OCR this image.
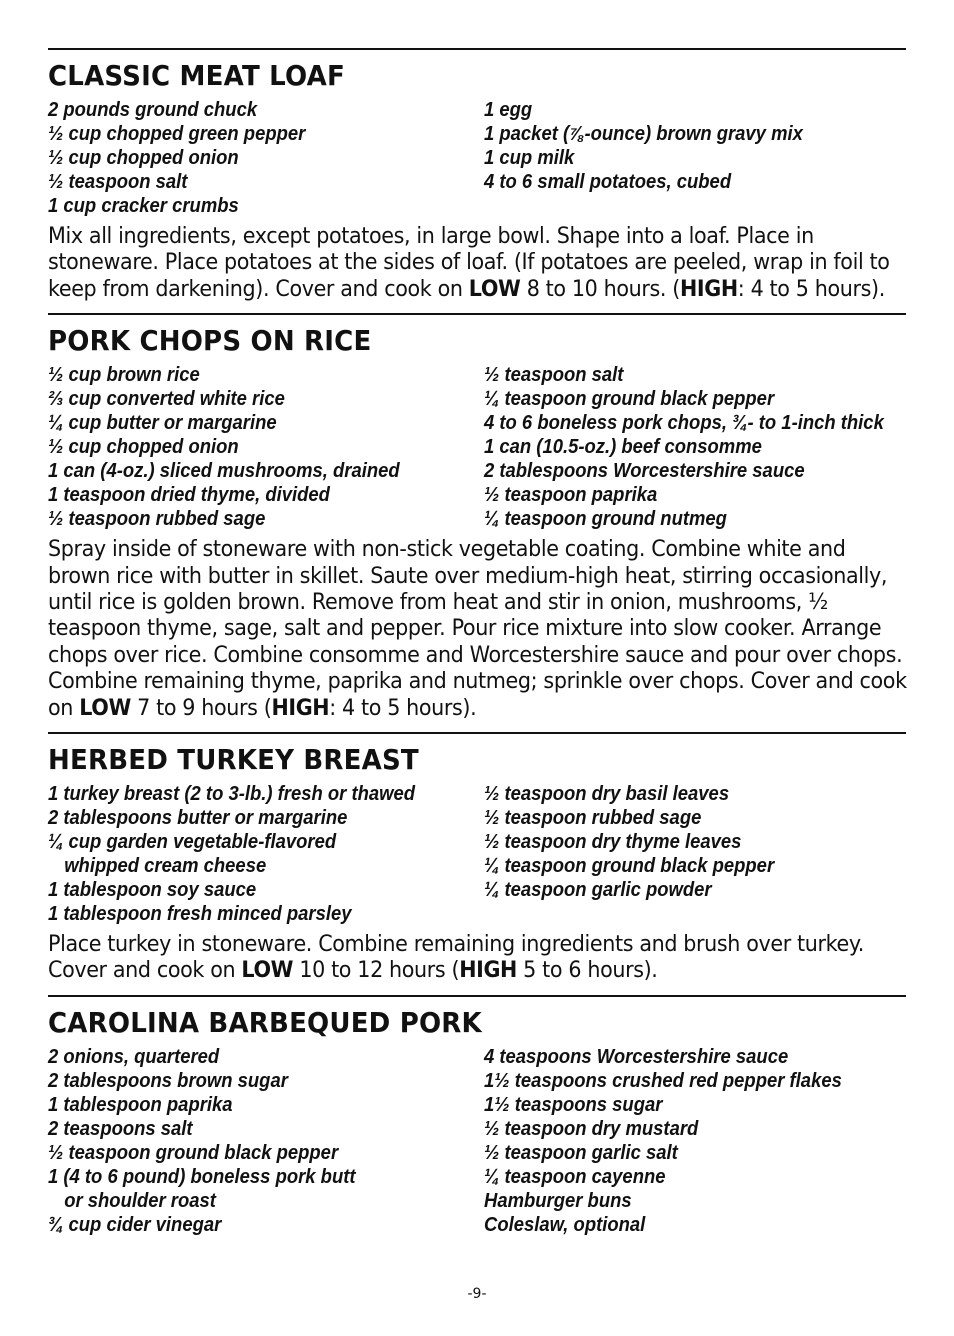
CLASSIC MEAT LOAF
2 pounds ground chuck
½ cup chopped green pepper
½ cup chopped onion
½ teaspoon salt
1 cup cracker crumbs
1 egg
1 packet (⅞-ounce) brown gravy mix
1 cup milk
4 to 6 small potatoes, cubed

Mix all ingredients, except potatoes, in large bowl. Shape into a loaf. Place in stoneware. Place potatoes at the sides of loaf. (If potatoes are peeled, wrap in foil to keep from darkening). Cover and cook on LOW 8 to 10 hours. (HIGH: 4 to 5 hours).

PORK CHOPS ON RICE
½ cup brown rice
⅔ cup converted white rice
¼ cup butter or margarine
½ cup chopped onion
1 can (4-oz.) sliced mushrooms, drained
1 teaspoon dried thyme, divided
½ teaspoon rubbed sage
½ teaspoon salt
¼ teaspoon ground black pepper
4 to 6 boneless pork chops, ¾- to 1-inch thick
1 can (10.5-oz.) beef consomme
2 tablespoons Worcestershire sauce
½ teaspoon paprika
¼ teaspoon ground nutmeg

Spray inside of stoneware with non-stick vegetable coating. Combine white and brown rice with butter in skillet. Saute over medium-high heat, stirring occasionally, until rice is golden brown. Remove from heat and stir in onion, mushrooms, ½ teaspoon thyme, sage, salt and pepper. Pour rice mixture into slow cooker. Arrange chops over rice. Combine consomme and Worcestershire sauce and pour over chops. Combine remaining thyme, paprika and nutmeg; sprinkle over chops. Cover and cook on LOW 7 to 9 hours (HIGH: 4 to 5 hours).

HERBED TURKEY BREAST
1 turkey breast (2 to 3-lb.) fresh or thawed
2 tablespoons butter or margarine
¼ cup garden vegetable-flavored
whipped cream cheese
1 tablespoon soy sauce
1 tablespoon fresh minced parsley
½ teaspoon dry basil leaves
½ teaspoon rubbed sage
½ teaspoon dry thyme leaves
¼ teaspoon ground black pepper
¼ teaspoon garlic powder

Place turkey in stoneware. Combine remaining ingredients and brush over turkey. Cover and cook on LOW 10 to 12 hours (HIGH 5 to 6 hours).

CAROLINA BARBEQUED PORK
2 onions, quartered
2 tablespoons brown sugar
1 tablespoon paprika
2 teaspoons salt
½ teaspoon ground black pepper
1 (4 to 6 pound) boneless pork butt
or shoulder roast
¾ cup cider vinegar
4 teaspoons Worcestershire sauce
1½ teaspoons crushed red pepper flakes
1½ teaspoons sugar
½ teaspoon dry mustard
½ teaspoon garlic salt
¼ teaspoon cayenne
Hamburger buns
Coleslaw, optional
-9-
